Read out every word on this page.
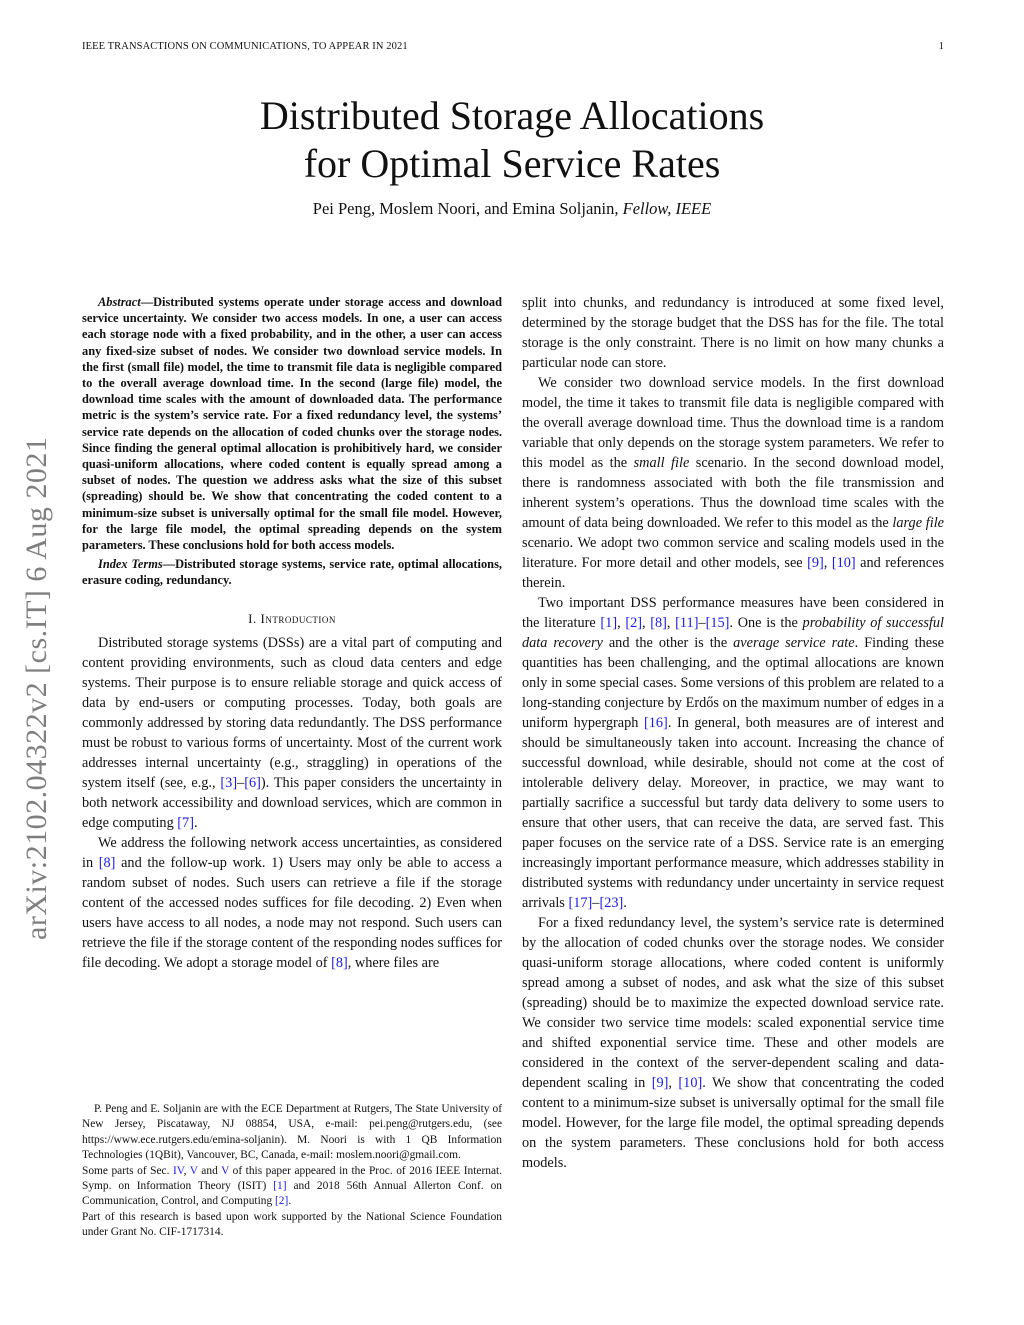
IEEE TRANSACTIONS ON COMMUNICATIONS, TO APPEAR IN 2021	1
Distributed Storage Allocations
for Optimal Service Rates
Pei Peng, Moslem Noori, and Emina Soljanin, Fellow, IEEE
arXiv:2102.04322v2 [cs.IT] 6 Aug 2021

Abstract—Distributed systems operate under storage access and download service uncertainty. We consider two access models. In one, a user can access each storage node with a fixed probability, and in the other, a user can access any fixed-size subset of nodes. We consider two download service models. In the first (small file) model, the time to transmit file data is negligible compared to the overall average download time. In the second (large file) model, the download time scales with the amount of downloaded data. The performance metric is the system’s service rate. For a fixed redundancy level, the systems’ service rate depends on the allocation of coded chunks over the storage nodes. Since finding the general optimal allocation is prohibitively hard, we consider quasi-uniform allocations, where coded content is equally spread among a subset of nodes. The question we address asks what the size of this subset (spreading) should be. We show that concentrating the coded content to a minimum-size subset is universally optimal for the small file model. However, for the large file model, the optimal spreading depends on the system parameters. These conclusions hold for both access models.

Index Terms—Distributed storage systems, service rate, optimal allocations, erasure coding, redundancy.

I. Introduction

Distributed storage systems (DSSs) are a vital part of computing and content providing environments, such as cloud data centers and edge systems. Their purpose is to ensure reliable storage and quick access of data by end-users or computing processes. Today, both goals are commonly addressed by storing data redundantly. The DSS performance must be robust to various forms of uncertainty. Most of the current work addresses internal uncertainty (e.g., straggling) in operations of the system itself (see, e.g., [3]–[6]). This paper considers the uncertainty in both network accessibility and download services, which are common in edge computing [7].

We address the following network access uncertainties, as considered in [8] and the follow-up work. 1) Users may only be able to access a random subset of nodes. Such users can retrieve a file if the storage content of the accessed nodes suffices for file decoding. 2) Even when users have access to all nodes, a node may not respond. Such users can retrieve the file if the storage content of the responding nodes suffices for file decoding. We adopt a storage model of [8], where files are

P. Peng and E. Soljanin are with the ECE Department at Rutgers, The State University of New Jersey, Piscataway, NJ 08854, USA, e-mail: pei.peng@rutgers.edu, (see https://www.ece.rutgers.edu/emina-soljanin). M. Noori is with 1 QB Information Technologies (1QBit), Vancouver, BC, Canada, e-mail: moslem.noori@gmail.com.

Some parts of Sec. IV, V and V of this paper appeared in the Proc. of 2016 IEEE Internat. Symp. on Information Theory (ISIT) [1] and 2018 56th Annual Allerton Conf. on Communication, Control, and Computing [2].

Part of this research is based upon work supported by the National Science Foundation under Grant No. CIF-1717314.

split into chunks, and redundancy is introduced at some fixed level, determined by the storage budget that the DSS has for the file. The total storage is the only constraint. There is no limit on how many chunks a particular node can store.

We consider two download service models. In the first download model, the time it takes to transmit file data is negligible compared with the overall average download time. Thus the download time is a random variable that only depends on the storage system parameters. We refer to this model as the small file scenario. In the second download model, there is randomness associated with both the file transmission and inherent system’s operations. Thus the download time scales with the amount of data being downloaded. We refer to this model as the large file scenario. We adopt two common service and scaling models used in the literature. For more detail and other models, see [9], [10] and references therein.

Two important DSS performance measures have been considered in the literature [1], [2], [8], [11]–[15]. One is the probability of successful data recovery and the other is the average service rate. Finding these quantities has been challenging, and the optimal allocations are known only in some special cases. Some versions of this problem are related to a long-standing conjecture by Erdős on the maximum number of edges in a uniform hypergraph [16]. In general, both measures are of interest and should be simultaneously taken into account. Increasing the chance of successful download, while desirable, should not come at the cost of intolerable delivery delay. Moreover, in practice, we may want to partially sacrifice a successful but tardy data delivery to some users to ensure that other users, that can receive the data, are served fast. This paper focuses on the service rate of a DSS. Service rate is an emerging increasingly important performance measure, which addresses stability in distributed systems with redundancy under uncertainty in service request arrivals [17]–[23].

For a fixed redundancy level, the system’s service rate is determined by the allocation of coded chunks over the storage nodes. We consider quasi-uniform storage allocations, where coded content is uniformly spread among a subset of nodes, and ask what the size of this subset (spreading) should be to maximize the expected download service rate. We consider two service time models: scaled exponential service time and shifted exponential service time. These and other models are considered in the context of the server-dependent scaling and data-dependent scaling in [9], [10]. We show that concentrating the coded content to a minimum-size subset is universally optimal for the small file model. However, for the large file model, the optimal spreading depends on the system parameters. These conclusions hold for both access models.
